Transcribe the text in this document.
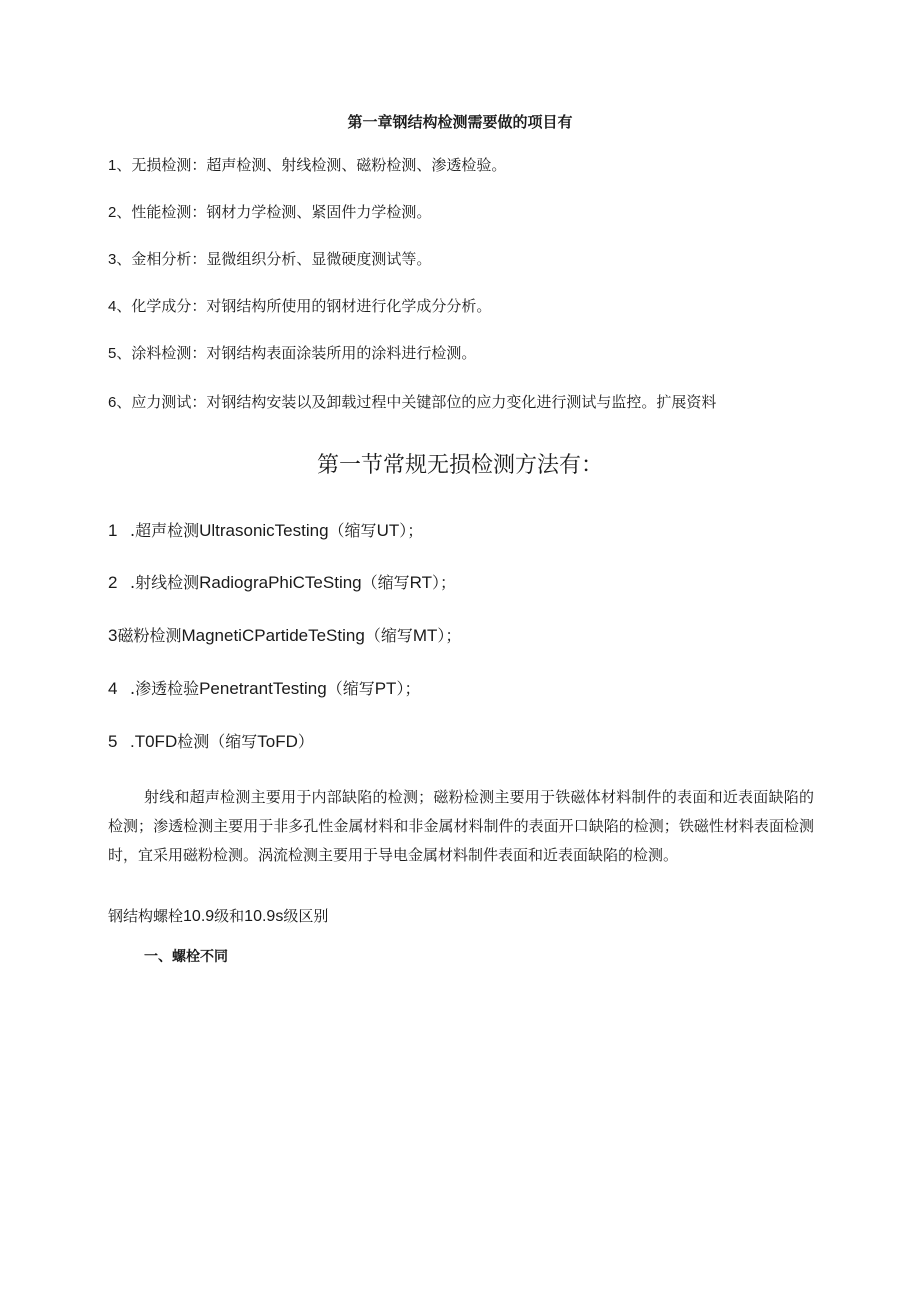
第一章钢结构检测需要做的项目有
1、无损检测：超声检测、射线检测、磁粉检测、渗透检验。
2、性能检测：钢材力学检测、紧固件力学检测。
3、金相分析：显微组织分析、显微硬度测试等。
4、化学成分：对钢结构所使用的钢材进行化学成分分析。
5、涂料检测：对钢结构表面涂装所用的涂料进行检测。
6、应力测试：对钢结构安装以及卸载过程中关键部位的应力变化进行测试与监控。扩展资料
第一节常规无损检测方法有：
1 .超声检测UltrasonicTesting（缩写UT）；
2 .射线检测RadiograPhiCTeSting（缩写RT）；
3磁粉检测MagnetiCPartideTeSting（缩写MT）；
4 .渗透检验PenetrantTesting（缩写PT）；
5 .T0FD检测（缩写ToFD）
射线和超声检测主要用于内部缺陷的检测；磁粉检测主要用于铁磁体材料制件的表面和近表面缺陷的检测；渗透检测主要用于非多孔性金属材料和非金属材料制件的表面开口缺陷的检测；铁磁性材料表面检测时，宜采用磁粉检测。涡流检测主要用于导电金属材料制件表面和近表面缺陷的检测。
钢结构螺栓10.9级和10.9s级区别
一、螺栓不同
